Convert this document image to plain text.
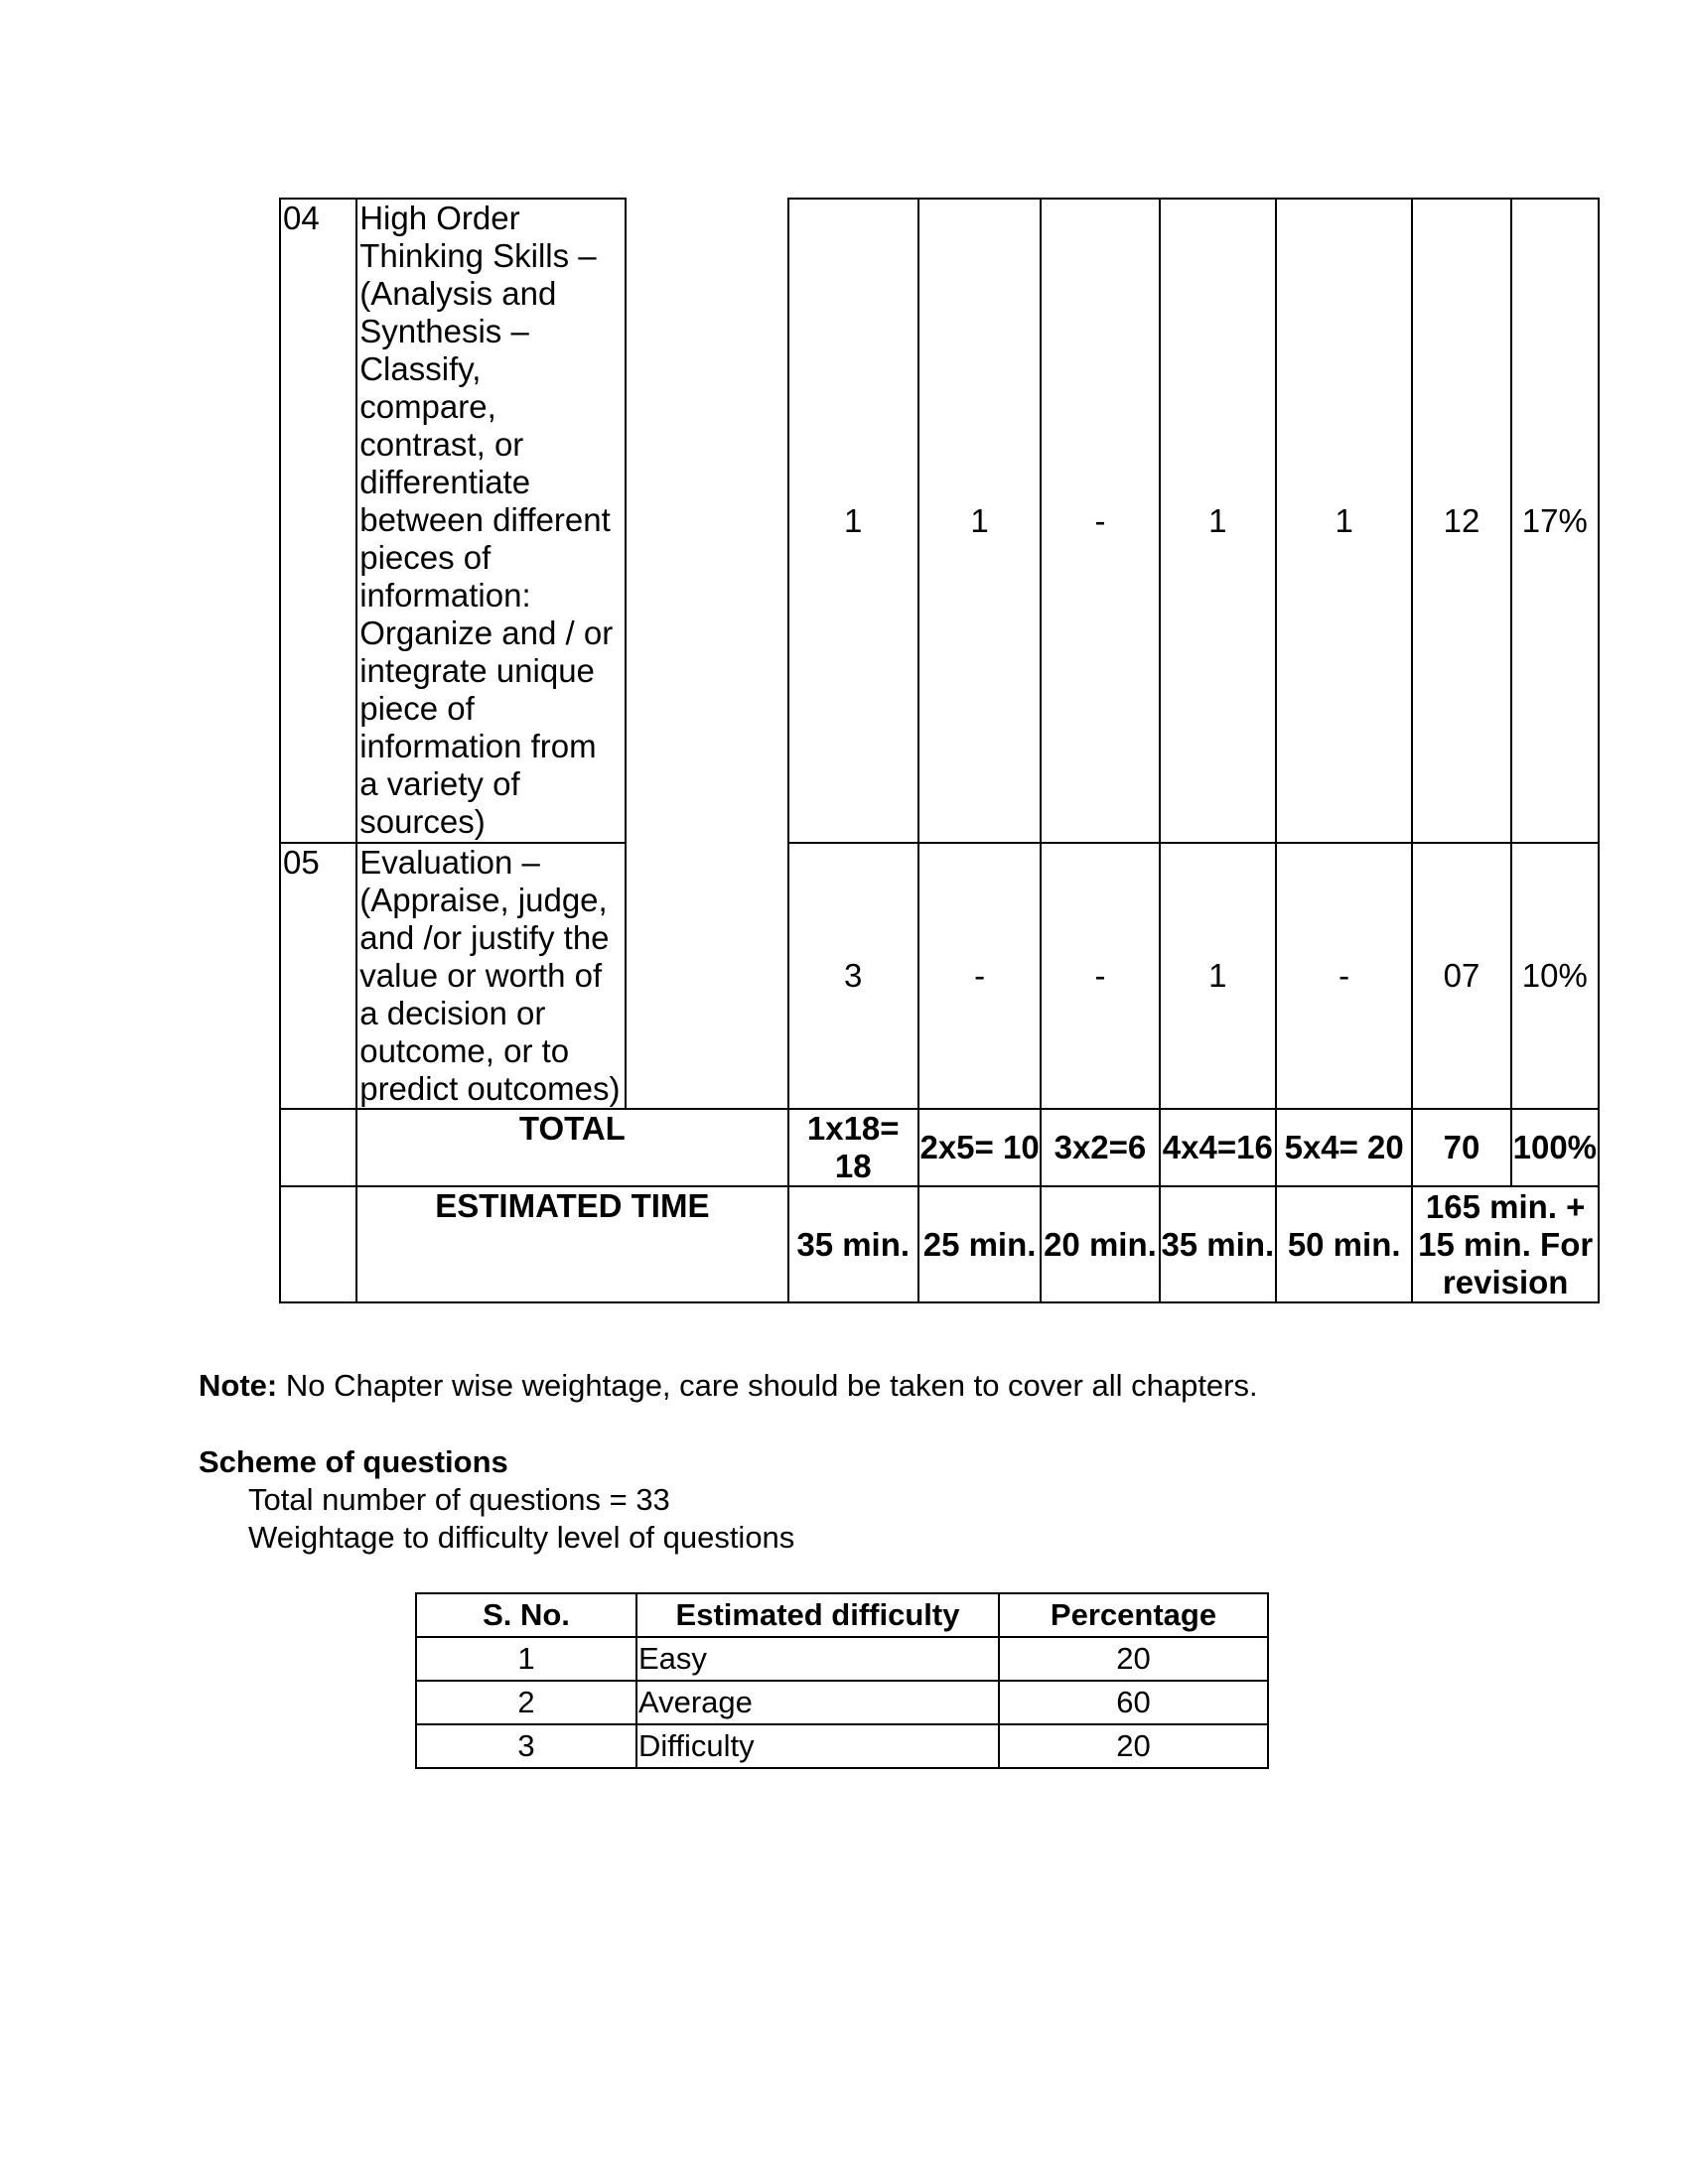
04	High Order Thinking Skills – (Analysis and Synthesis – Classify, compare, contrast, or differentiate between different pieces of information: Organize and / or integrate unique piece of information from a variety of sources)		1	1	-	1	1	12	17%
05	Evaluation – (Appraise, judge, and /or justify the value or worth of a decision or outcome, or to predict outcomes)		3	-	-	1	-	07	10%
	TOTAL		1x18= 18	2x5= 10	3x2=6	4x4=16	5x4= 20	70	100%
	ESTIMATED TIME		35 min.	25 min.	20 min.	35 min.	50 min.	165 min. + 15 min. For revision	
Note: No Chapter wise weightage, care should be taken to cover all chapters.
Scheme of questions
Total number of questions = 33
Weightage to difficulty level of questions
S. No.	Estimated difficulty	Percentage
1	Easy	20
2	Average	60
3	Difficulty	20
